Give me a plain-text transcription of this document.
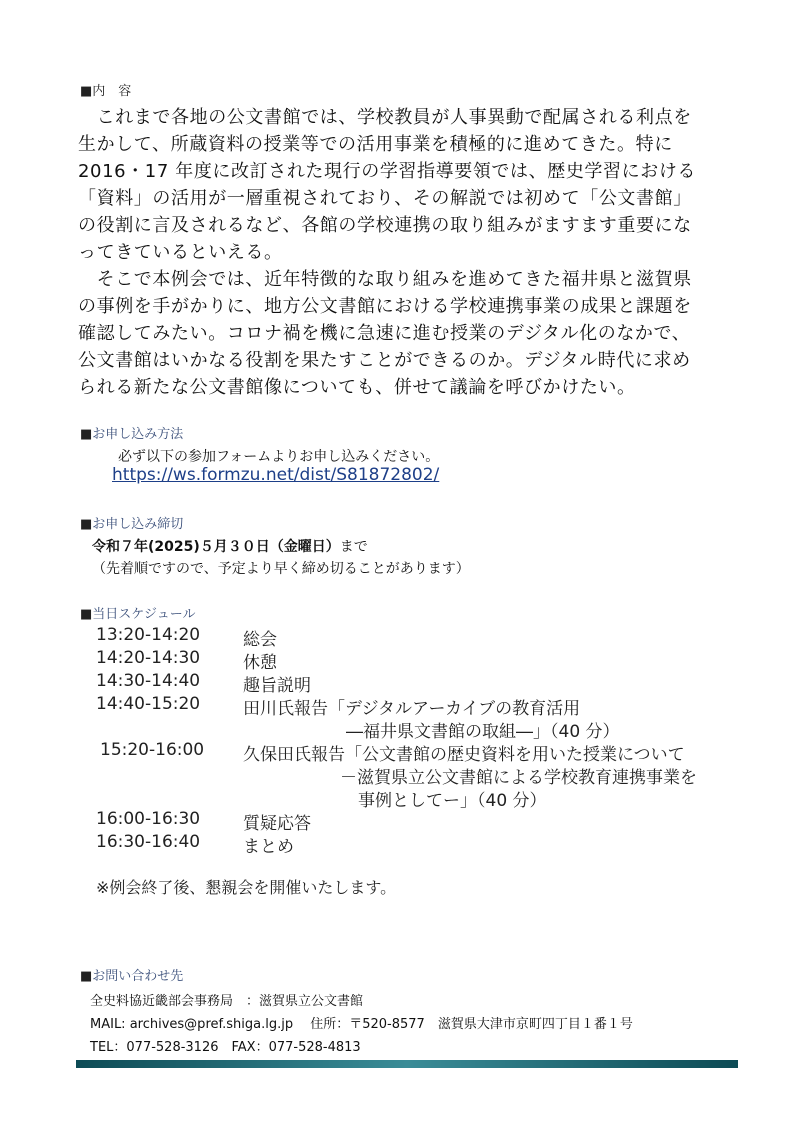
■内　容
　これまで各地の公文書館では、学校教員が人事異動で配属される利点を
生かして、所蔵資料の授業等での活用事業を積極的に進めてきた。特に
2016・17 年度に改訂された現行の学習指導要領では、歴史学習における
「資料」の活用が一層重視されており、その解説では初めて「公文書館」
の役割に言及されるなど、各館の学校連携の取り組みがますます重要にな
ってきているといえる。
　そこで本例会では、近年特徴的な取り組みを進めてきた福井県と滋賀県
の事例を手がかりに、地方公文書館における学校連携事業の成果と課題を
確認してみたい。コロナ禍を機に急速に進む授業のデジタル化のなかで、
公文書館はいかなる役割を果たすことができるのか。デジタル時代に求め
られる新たな公文書館像についても、併せて議論を呼びかけたい。
■お申し込み方法
必ず以下の参加フォームよりお申し込みください。
https://ws.formzu.net/dist/S81872802/
■お申し込み締切
令和７年(2025)５月３０日（金曜日）まで
（先着順ですので、予定より早く締め切ることがあります）
■当日スケジュール
13:20-14:20	総会
14:20-14:30	休憩
14:30-14:40	趣旨説明
14:40-15:20	田川氏報告「デジタルアーカイブの教育活用
―福井県文書館の取組―」（40 分）
15:20-16:00 久保田氏報告「公文書館の歴史資料を用いた授業について
－滋賀県立公文書館による学校教育連携事業を
事例としてー」（40 分）
16:00-16:30	質疑応答
16:30-16:40	まとめ
※例会終了後、懇親会を開催いたします。
■お問い合わせ先
全史料協近畿部会事務局　：滋賀県立公文書館
MAIL: archives@pref.shiga.lg.jp　 住所：〒520-8577　滋賀県大津市京町四丁目１番１号
TEL：077-528-3126　FAX：077-528-4813
